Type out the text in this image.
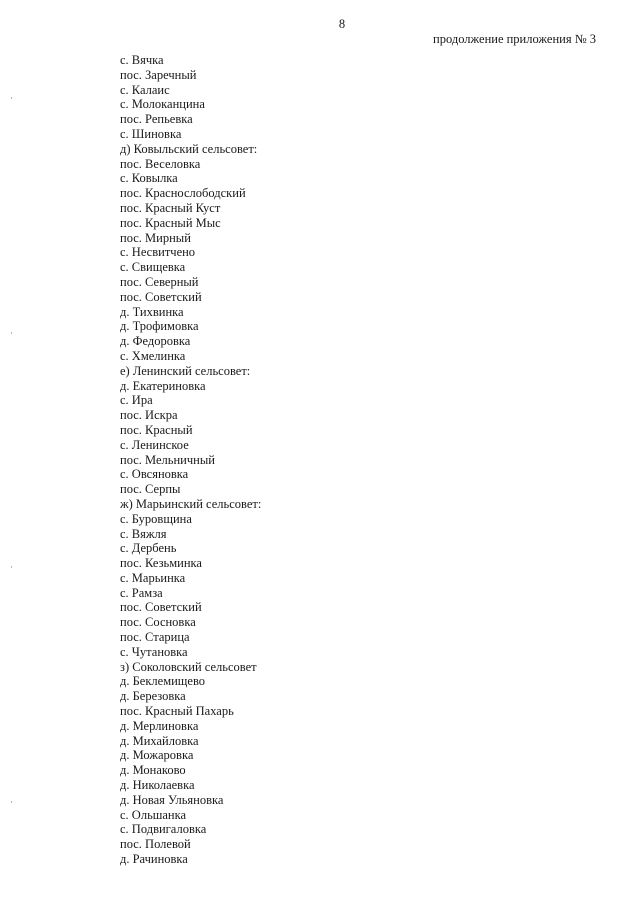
8
продолжение приложения № 3
с. Вячка
пос. Заречный
с. Калаис
с. Молоканцина
пос. Репьевка
с. Шиновка
д) Ковыльский сельсовет:
пос. Веселовка
с. Ковылка
пос. Краснослободский
пос. Красный Куст
пос. Красный Мыс
пос. Мирный
с. Несвитчено
с. Свищевка
пос. Северный
пос. Советский
д. Тихвинка
д. Трофимовка
д. Федоровка
с. Хмелинка
е) Ленинский сельсовет:
д. Екатериновка
с. Ира
пос. Искра
пос. Красный
с. Ленинское
пос. Мельничный
с. Овсяновка
пос. Серпы
ж) Марьинский сельсовет:
с. Буровщина
с. Вяжля
с. Дербень
пос. Кезьминка
с. Марьинка
с. Рамза
пос. Советский
пос. Сосновка
пос. Старица
с. Чутановка
з) Соколовский сельсовет
д. Беклемищево
д. Березовка
пос. Красный Пахарь
д. Мерлиновка
д. Михайловка
д. Можаровка
д. Монаково
д. Николаевка
д. Новая Ульяновка
с. Ольшанка
с. Подвигаловка
пос. Полевой
д. Рачиновка
